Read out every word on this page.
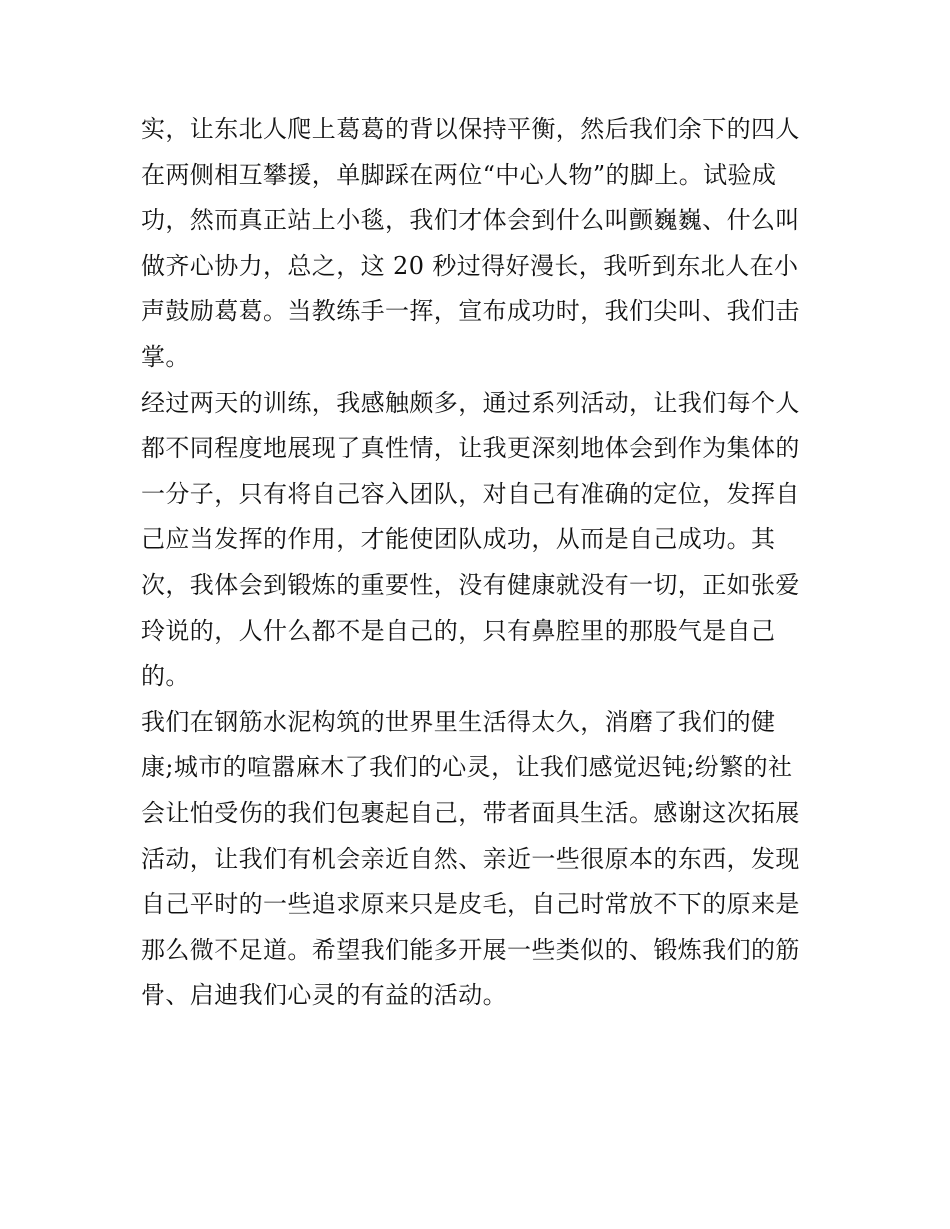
实，让东北人爬上葛葛的背以保持平衡，然后我们余下的四人
在两侧相互攀援，单脚踩在两位“中心人物”的脚上。试验成
功，然而真正站上小毯，我们才体会到什么叫颤巍巍、什么叫
做齐心协力，总之，这 20 秒过得好漫长，我听到东北人在小
声鼓励葛葛。当教练手一挥，宣布成功时，我们尖叫、我们击
掌。
经过两天的训练，我感触颇多，通过系列活动，让我们每个人
都不同程度地展现了真性情，让我更深刻地体会到作为集体的
一分子，只有将自己容入团队，对自己有准确的定位，发挥自
己应当发挥的作用，才能使团队成功，从而是自己成功。其
次，我体会到锻炼的重要性，没有健康就没有一切，正如张爱
玲说的，人什么都不是自己的，只有鼻腔里的那股气是自己
的。
我们在钢筋水泥构筑的世界里生活得太久，消磨了我们的健
康;城市的喧嚣麻木了我们的心灵，让我们感觉迟钝;纷繁的社
会让怕受伤的我们包裹起自己，带者面具生活。感谢这次拓展
活动，让我们有机会亲近自然、亲近一些很原本的东西，发现
自己平时的一些追求原来只是皮毛，自己时常放不下的原来是
那么微不足道。希望我们能多开展一些类似的、锻炼我们的筋
骨、启迪我们心灵的有益的活动。
